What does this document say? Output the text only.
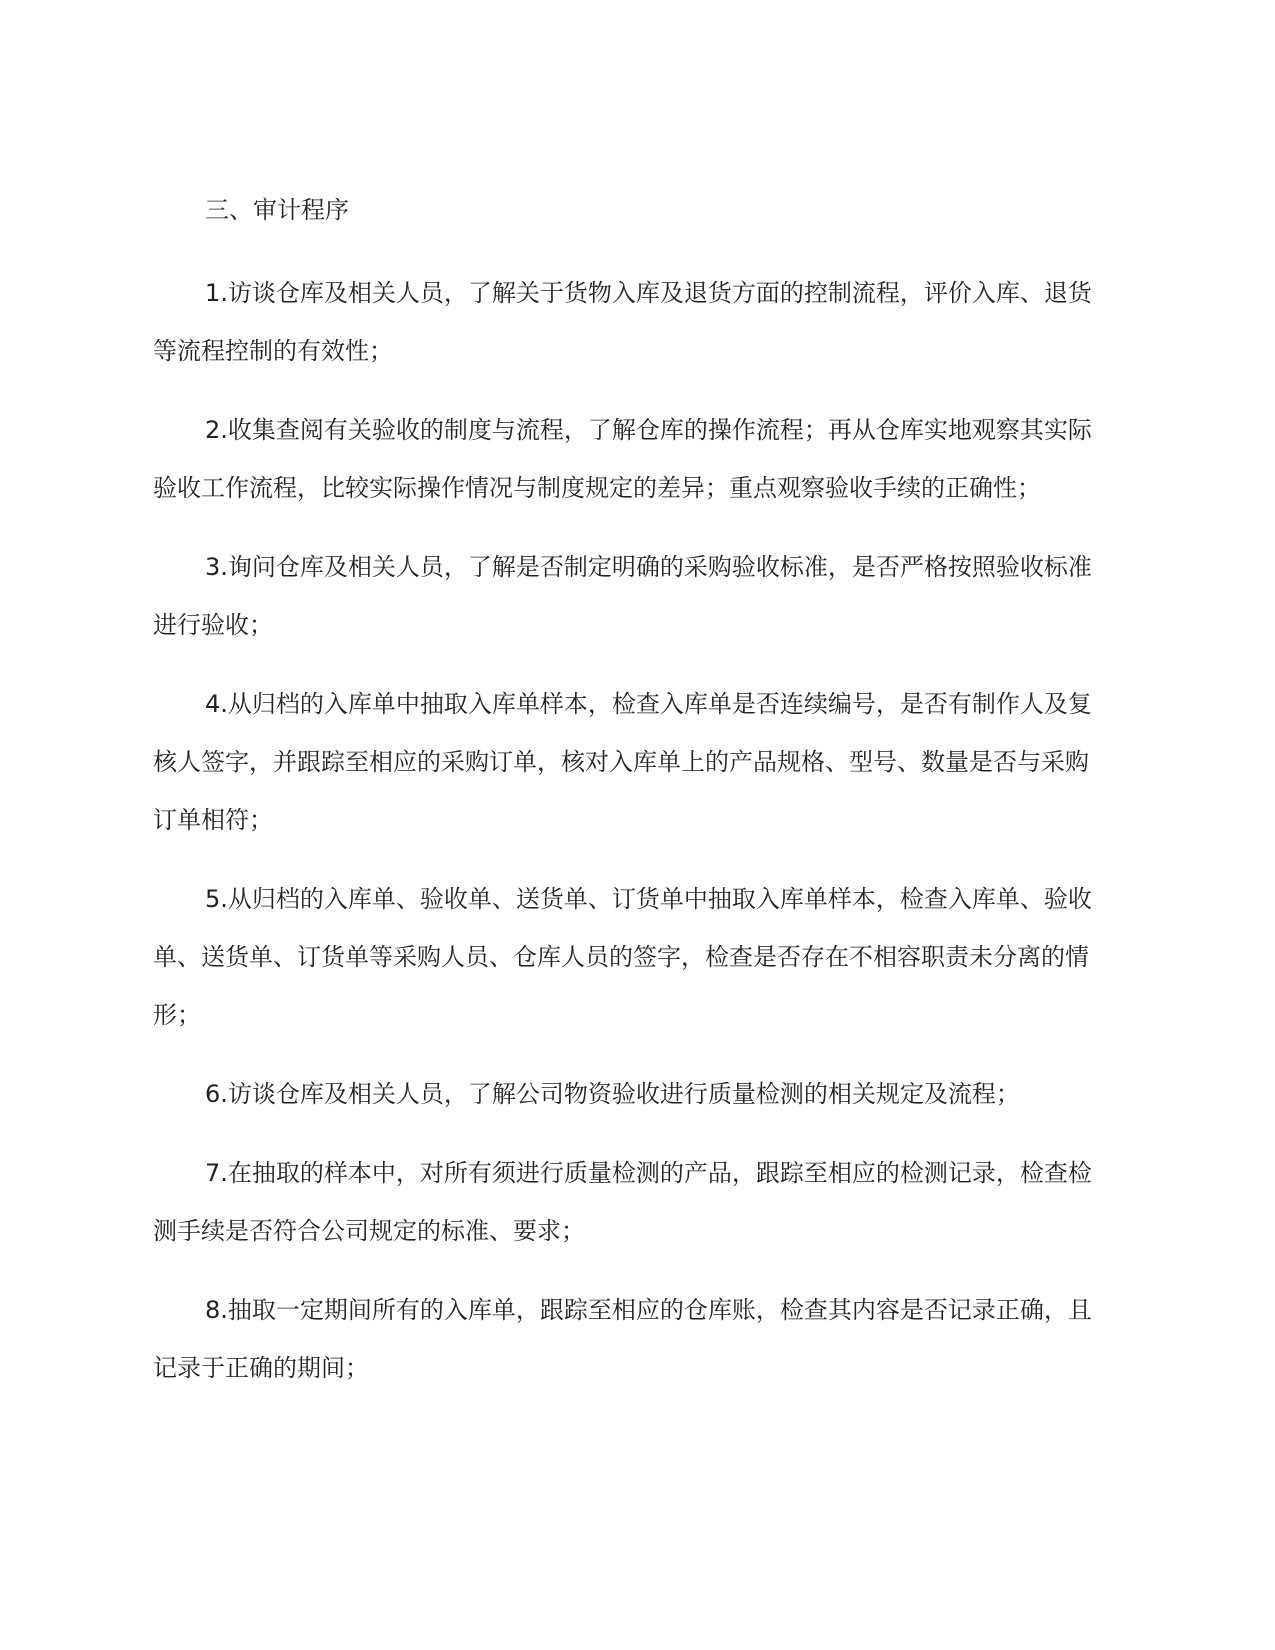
三、审计程序

1.访谈仓库及相关人员，了解关于货物入库及退货方面的控制流程，评价入库、退货等流程控制的有效性；

2.收集查阅有关验收的制度与流程，了解仓库的操作流程；再从仓库实地观察其实际验收工作流程，比较实际操作情况与制度规定的差异；重点观察验收手续的正确性；

3.询问仓库及相关人员，了解是否制定明确的采购验收标准，是否严格按照验收标准进行验收；

4.从归档的入库单中抽取入库单样本，检查入库单是否连续编号，是否有制作人及复核人签字，并跟踪至相应的采购订单，核对入库单上的产品规格、型号、数量是否与采购订单相符；

5.从归档的入库单、验收单、送货单、订货单中抽取入库单样本，检查入库单、验收单、送货单、订货单等采购人员、仓库人员的签字，检查是否存在不相容职责未分离的情形；

6.访谈仓库及相关人员，了解公司物资验收进行质量检测的相关规定及流程；

7.在抽取的样本中，对所有须进行质量检测的产品，跟踪至相应的检测记录，检查检测手续是否符合公司规定的标准、要求；

8.抽取一定期间所有的入库单，跟踪至相应的仓库账，检查其内容是否记录正确，且记录于正确的期间；
